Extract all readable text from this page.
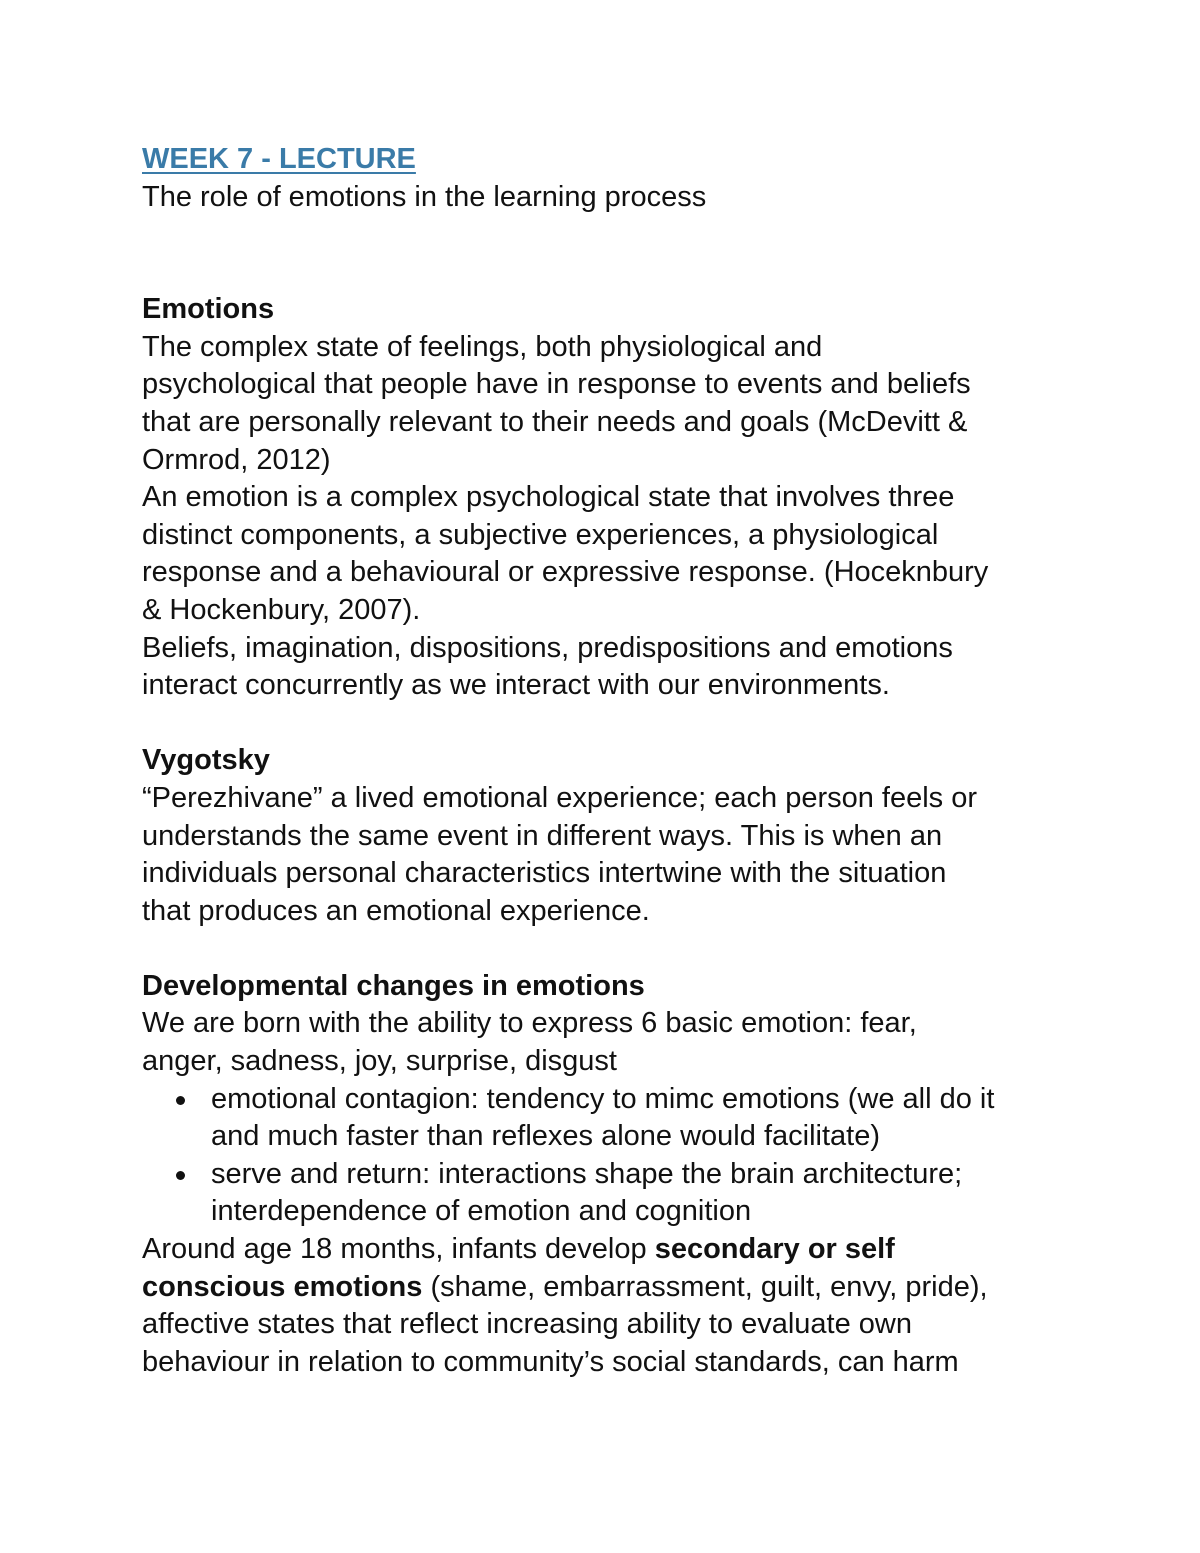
WEEK 7 - LECTURE
The role of emotions in the learning process
Emotions
The complex state of feelings, both physiological and
psychological that people have in response to events and beliefs
that are personally relevant to their needs and goals (McDevitt &
Ormrod, 2012)
An emotion is a complex psychological state that involves three
distinct components, a subjective experiences, a physiological
response and a behavioural or expressive response. (Hoceknbury
& Hockenbury, 2007).
Beliefs, imagination, dispositions, predispositions and emotions
interact concurrently as we interact with our environments.
Vygotsky
“Perezhivane” a lived emotional experience; each person feels or
understands the same event in different ways. This is when an
individuals personal characteristics intertwine with the situation
that produces an emotional experience.
Developmental changes in emotions
We are born with the ability to express 6 basic emotion: fear,
anger, sadness, joy, surprise, disgust
emotional contagion: tendency to mimc emotions (we all do it
and much faster than reflexes alone would facilitate)
serve and return: interactions shape the brain architecture;
interdependence of emotion and cognition
Around age 18 months, infants develop secondary or self
conscious emotions (shame, embarrassment, guilt, envy, pride),
affective states that reflect increasing ability to evaluate own
behaviour in relation to community’s social standards, can harm
